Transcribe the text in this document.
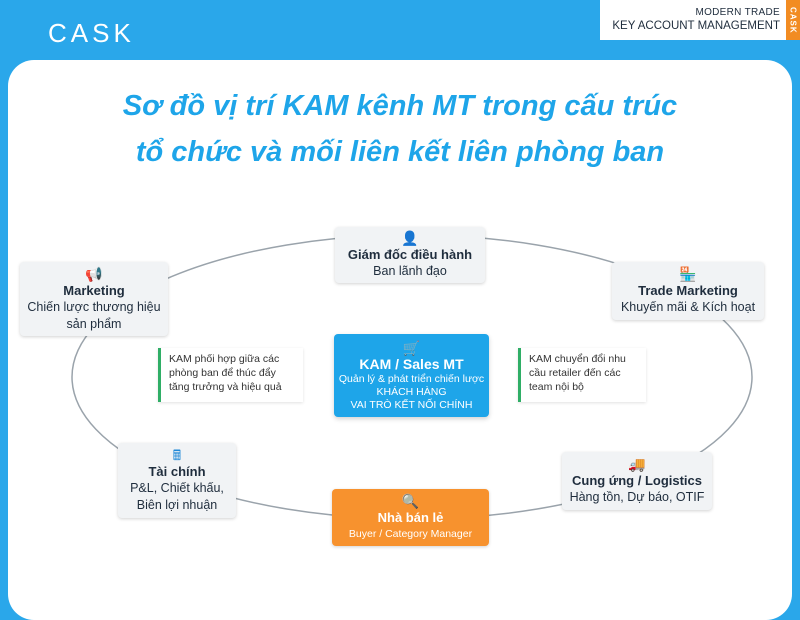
CASK
MODERN TRADE
KEY ACCOUNT MANAGEMENT CASK
Sơ đồ vị trí KAM kênh MT trong cấu trúc
tổ chức và mối liên kết liên phòng ban
👤
Giám đốc điều hành
Ban lãnh đạo
📢
Marketing
Chiến lược thương hiệu
sản phẩm
🏪
Trade Marketing
Khuyến mãi & Kích hoạt
🛒
KAM / Sales MT
Quản lý & phát triển chiến lược
KHÁCH HÀNG
VAI TRÒ KẾT NỐI CHÍNH
KAM phối hợp giữa các
phòng ban để thúc đẩy
tăng trưởng và hiệu quả
KAM chuyển đổi nhu
cầu retailer đến các
team nội bộ
🖩
Tài chính
P&L, Chiết khấu,
Biên lợi nhuận
🚚
Cung ứng / Logistics
Hàng tồn, Dự báo, OTIF
🔍
Nhà bán lẻ
Buyer / Category Manager
